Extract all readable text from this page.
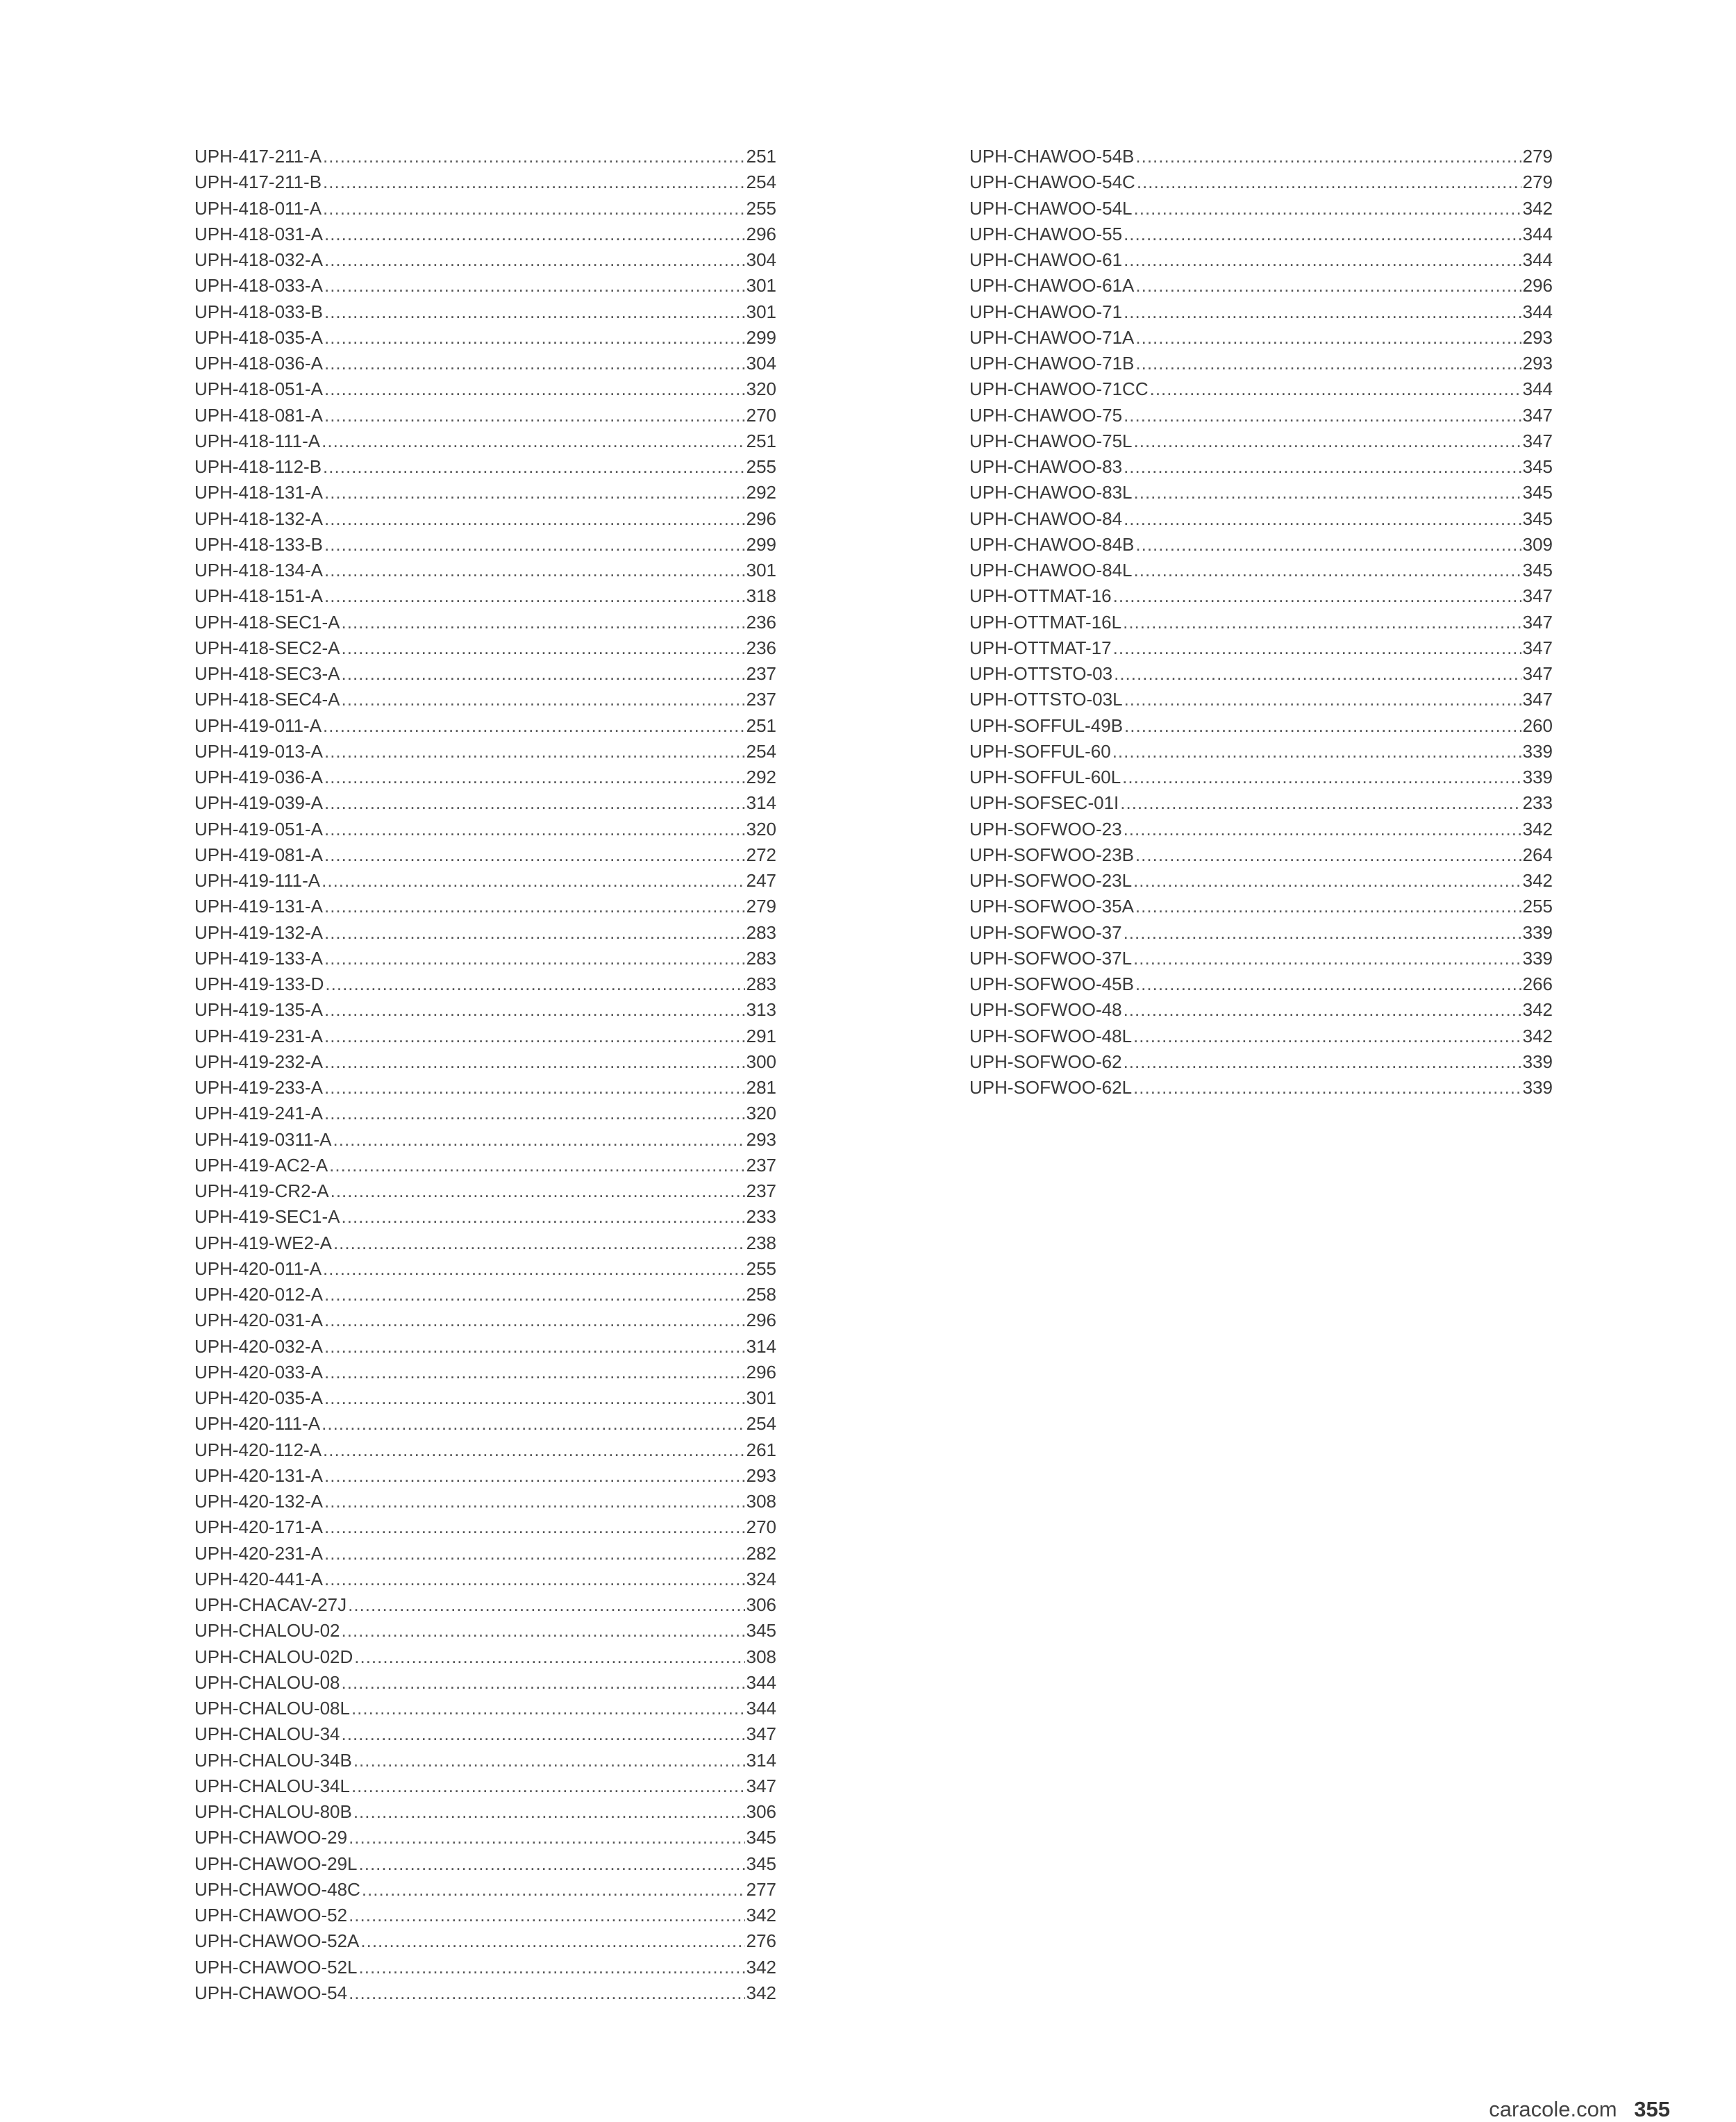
UPH-417-211-A .....	251
UPH-417-211-B .....	254
UPH-418-011-A .....	255
UPH-418-031-A .....	296
UPH-418-032-A .....	304
UPH-418-033-A .....	301
UPH-418-033-B .....	301
UPH-418-035-A .....	299
UPH-418-036-A .....	304
UPH-418-051-A .....	320
UPH-418-081-A .....	270
UPH-418-111-A .....	251
UPH-418-112-B .....	255
UPH-418-131-A .....	292
UPH-418-132-A .....	296
UPH-418-133-B .....	299
UPH-418-134-A .....	301
UPH-418-151-A .....	318
UPH-418-SEC1-A .....	236
UPH-418-SEC2-A .....	236
UPH-418-SEC3-A .....	237
UPH-418-SEC4-A .....	237
UPH-419-011-A .....	251
UPH-419-013-A .....	254
UPH-419-036-A .....	292
UPH-419-039-A .....	314
UPH-419-051-A .....	320
UPH-419-081-A .....	272
UPH-419-111-A .....	247
UPH-419-131-A .....	279
UPH-419-132-A .....	283
UPH-419-133-A .....	283
UPH-419-133-D .....	283
UPH-419-135-A .....	313
UPH-419-231-A .....	291
UPH-419-232-A .....	300
UPH-419-233-A .....	281
UPH-419-241-A .....	320
UPH-419-0311-A .....	293
UPH-419-AC2-A .....	237
UPH-419-CR2-A .....	237
UPH-419-SEC1-A .....	233
UPH-419-WE2-A .....	238
UPH-420-011-A .....	255
UPH-420-012-A .....	258
UPH-420-031-A .....	296
UPH-420-032-A .....	314
UPH-420-033-A .....	296
UPH-420-035-A .....	301
UPH-420-111-A .....	254
UPH-420-112-A .....	261
UPH-420-131-A .....	293
UPH-420-132-A .....	308
UPH-420-171-A .....	270
UPH-420-231-A .....	282
UPH-420-441-A .....	324
UPH-CHACAV-27J .....	306
UPH-CHALOU-02 .....	345
UPH-CHALOU-02D .....	308
UPH-CHALOU-08 .....	344
UPH-CHALOU-08L .....	344
UPH-CHALOU-34 .....	347
UPH-CHALOU-34B .....	314
UPH-CHALOU-34L .....	347
UPH-CHALOU-80B .....	306
UPH-CHAWOO-29 .....	345
UPH-CHAWOO-29L .....	345
UPH-CHAWOO-48C .....	277
UPH-CHAWOO-52 .....	342
UPH-CHAWOO-52A .....	276
UPH-CHAWOO-52L .....	342
UPH-CHAWOO-54 .....	342
UPH-CHAWOO-54B .....	279
UPH-CHAWOO-54C .....	279
UPH-CHAWOO-54L .....	342
UPH-CHAWOO-55 .....	344
UPH-CHAWOO-61 .....	344
UPH-CHAWOO-61A .....	296
UPH-CHAWOO-71 .....	344
UPH-CHAWOO-71A .....	293
UPH-CHAWOO-71B .....	293
UPH-CHAWOO-71CC .....	344
UPH-CHAWOO-75 .....	347
UPH-CHAWOO-75L .....	347
UPH-CHAWOO-83 .....	345
UPH-CHAWOO-83L .....	345
UPH-CHAWOO-84 .....	345
UPH-CHAWOO-84B .....	309
UPH-CHAWOO-84L .....	345
UPH-OTTMAT-16 .....	347
UPH-OTTMAT-16L .....	347
UPH-OTTMAT-17 .....	347
UPH-OTTSTO-03 .....	347
UPH-OTTSTO-03L .....	347
UPH-SOFFUL-49B .....	260
UPH-SOFFUL-60 .....	339
UPH-SOFFUL-60L .....	339
UPH-SOFSEC-01I .....	233
UPH-SOFWOO-23 .....	342
UPH-SOFWOO-23B .....	264
UPH-SOFWOO-23L .....	342
UPH-SOFWOO-35A .....	255
UPH-SOFWOO-37 .....	339
UPH-SOFWOO-37L .....	339
UPH-SOFWOO-45B .....	266
UPH-SOFWOO-48 .....	342
UPH-SOFWOO-48L .....	342
UPH-SOFWOO-62 .....	339
UPH-SOFWOO-62L .....	339
caracole.com 355
